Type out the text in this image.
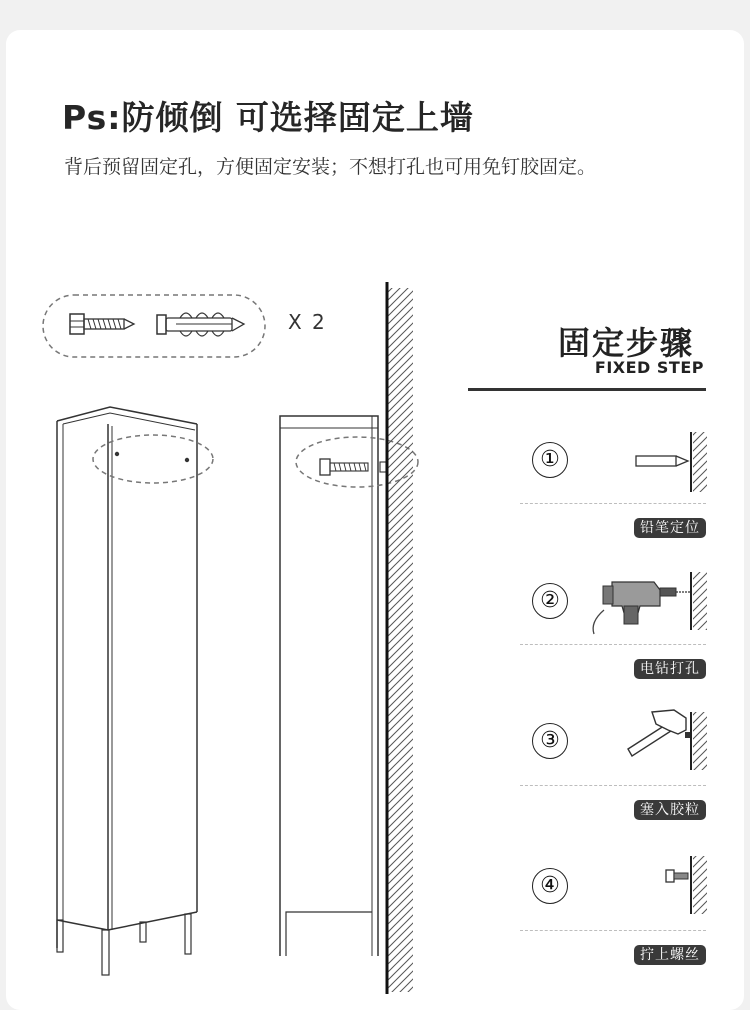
Ps:防倾倒 可选择固定上墙

背后预留固定孔，方便固定安装；不想打孔也可用免钉胶固定。

X 2
固定步骤
FIXED STEP
①
铅笔定位
②
电钻打孔
③
塞入胶粒
④
拧上螺丝
